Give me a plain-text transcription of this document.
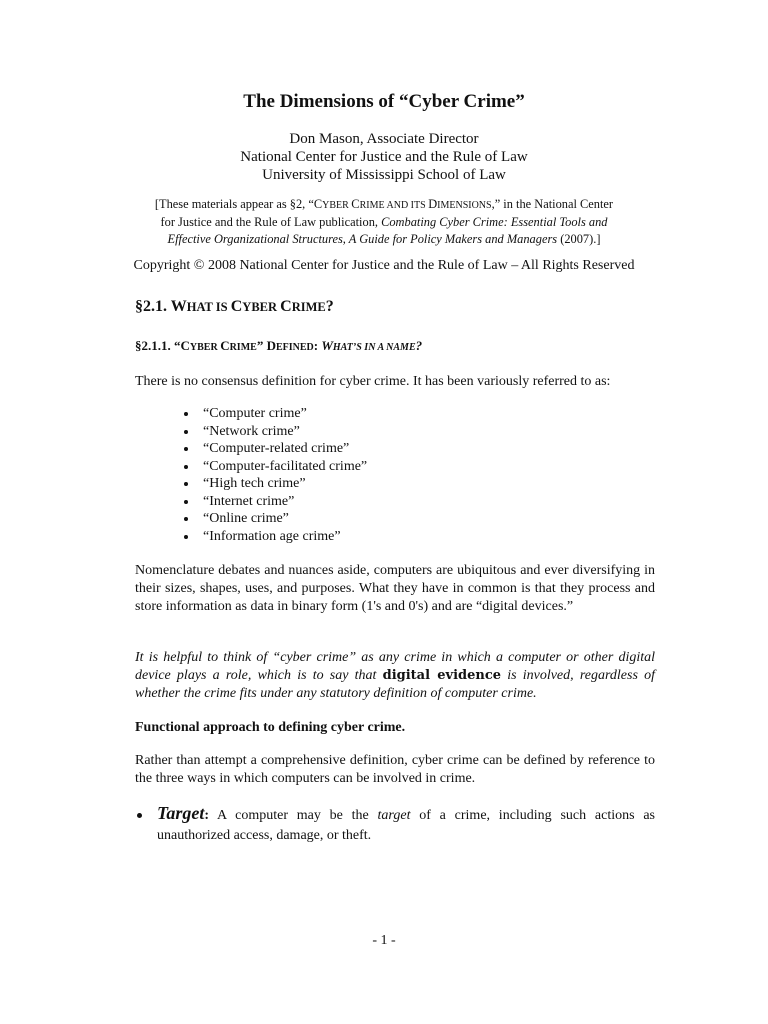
The Dimensions of “Cyber Crime”
Don Mason, Associate Director
National Center for Justice and the Rule of Law
University of Mississippi School of Law
[These materials appear as §2, “CYBER CRIME AND ITS DIMENSIONS,” in the National Center
for Justice and the Rule of Law publication, Combating Cyber Crime: Essential Tools and
Effective Organizational Structures, A Guide for Policy Makers and Managers (2007).]
Copyright © 2008 National Center for Justice and the Rule of Law – All Rights Reserved
§2.1. WHAT IS CYBER CRIME?
§2.1.1. “CYBER CRIME” DEFINED: WHAT’S IN A NAME?
There is no consensus definition for cyber crime. It has been variously referred to as:
“Computer crime”
“Network crime”
“Computer-related crime”
“Computer-facilitated crime”
“High tech crime”
“Internet crime”
“Online crime”
“Information age crime”
Nomenclature debates and nuances aside, computers are ubiquitous and ever diversifying in their sizes, shapes, uses, and purposes. What they have in common is that they process and store information as data in binary form (1's and 0's) and are “digital devices.”
It is helpful to think of “cyber crime” as any crime in which a computer or other digital device plays a role, which is to say that digital evidence is involved, regardless of whether the crime fits under any statutory definition of computer crime.
Functional approach to defining cyber crime.
Rather than attempt a comprehensive definition, cyber crime can be defined by reference to the three ways in which computers can be involved in crime.
Target: A computer may be the target of a crime, including such actions as unauthorized access, damage, or theft.
- 1 -
